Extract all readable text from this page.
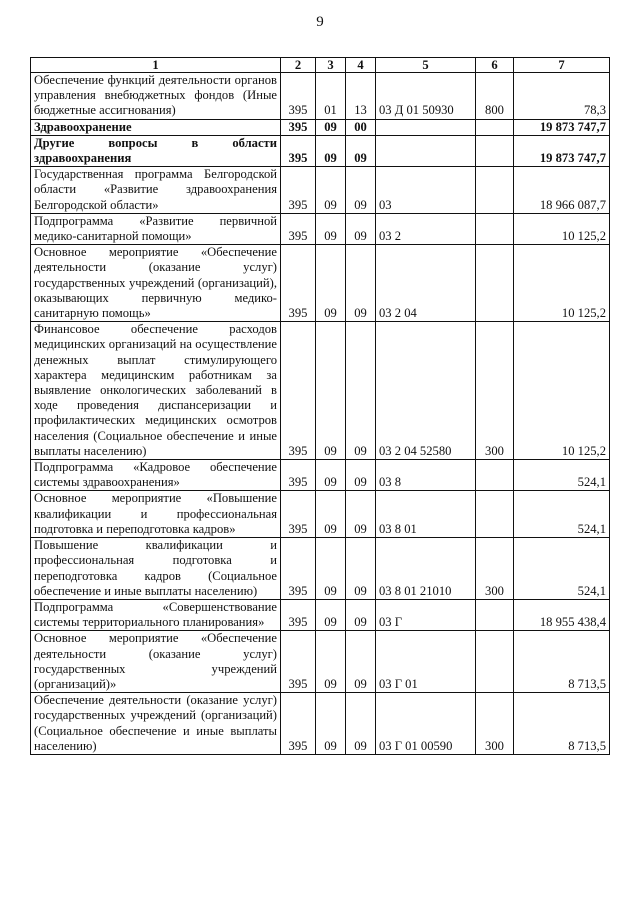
9
1	2	3	4	5	6	7
Обеспечение функций деятельности органов управления внебюджетных фондов (Иные бюджетные ассигнования)	395	01	13	03 Д 01 50930	800	78,3
Здравоохранение	395	09	00			19 873 747,7
Другие вопросы в области здравоохранения	395	09	09			19 873 747,7
Государственная программа Белгородской области «Развитие здравоохранения Белгородской области»	395	09	09	03		18 966 087,7
Подпрограмма «Развитие первичной медико-санитарной помощи»	395	09	09	03 2		10 125,2
Основное мероприятие «Обеспечение деятельности (оказание услуг) государственных учреждений (организаций), оказывающих первичную медико-санитарную помощь»	395	09	09	03 2 04		10 125,2
Финансовое обеспечение расходов медицинских организаций на осуществление денежных выплат стимулирующего характера медицинским работникам за выявление онкологических заболеваний в ходе проведения диспансеризации и профилактических медицинских осмотров населения (Социальное обеспечение и иные выплаты населению)	395	09	09	03 2 04 52580	300	10 125,2
Подпрограмма «Кадровое обеспечение системы здравоохранения»	395	09	09	03 8		524,1
Основное мероприятие «Повышение квалификации и профессиональная подготовка и переподготовка кадров»	395	09	09	03 8 01		524,1
Повышение квалификации и профессиональная подготовка и переподготовка кадров (Социальное обеспечение и иные выплаты населению)	395	09	09	03 8 01 21010	300	524,1
Подпрограмма «Совершенствование системы территориального планирования»	395	09	09	03 Г		18 955 438,4
Основное мероприятие «Обеспечение деятельности (оказание услуг) государственных учреждений (организаций)»	395	09	09	03 Г 01		8 713,5
Обеспечение деятельности (оказание услуг) государственных учреждений (организаций) (Социальное обеспечение и иные выплаты населению)	395	09	09	03 Г 01 00590	300	8 713,5
